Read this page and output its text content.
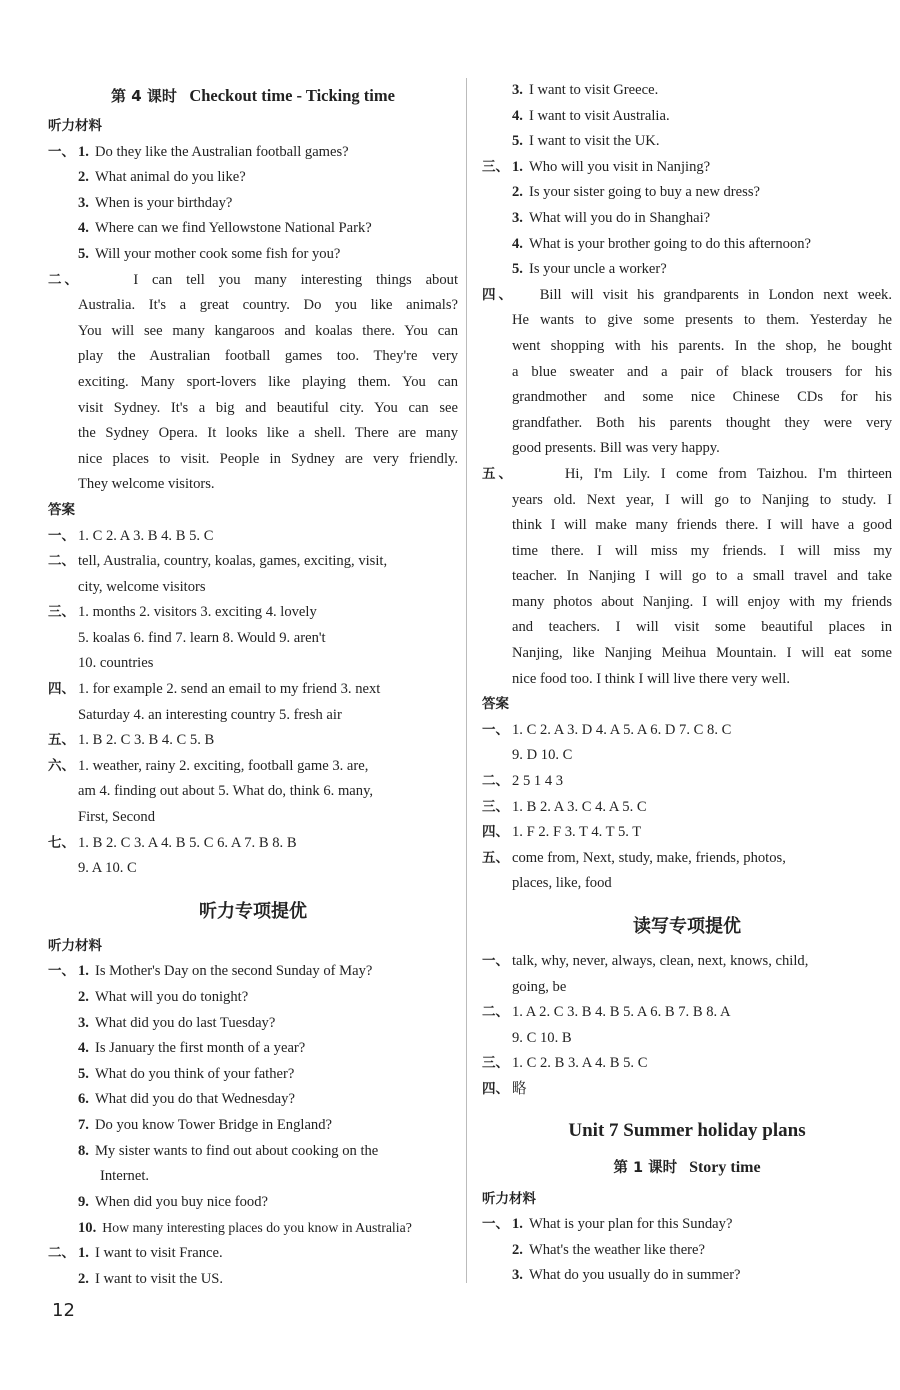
第 4 课时 Checkout time - Ticking time
听力材料
一、 1. Do they like the Australian football games?
2. What animal do you like?
3. When is your birthday?
4. Where can we find Yellowstone National Park?
5. Will your mother cook some fish for you?
二、	I can tell you many interesting things about
Australia. It's a great country. Do you like animals?
You will see many kangaroos and koalas there. You can
play the Australian football games too. They're very
exciting. Many sport-lovers like playing them. You can
visit Sydney. It's a big and beautiful city. You can see
the Sydney Opera. It looks like a shell. There are many
nice places to visit. People in Sydney are very friendly.
They welcome visitors.
答案
一、 1. C 2. A 3. B 4. B 5. C
二、 tell, Australia, country, koalas, games, exciting, visit,
city, welcome visitors
三、 1. months 2. visitors 3. exciting 4. lovely
5. koalas 6. find 7. learn 8. Would 9. aren't
10. countries
四、 1. for example 2. send an email to my friend 3. next
Saturday 4. an interesting country 5. fresh air
五、 1. B 2. C 3. B 4. C 5. B
六、 1. weather, rainy 2. exciting, football game 3. are,
am 4. finding out about 5. What do, think 6. many,
First, Second
七、 1. B 2. C 3. A 4. B 5. C 6. A 7. B 8. B
9. A 10. C
听力专项提优
听力材料
一、 1. Is Mother's Day on the second Sunday of May?
2. What will you do tonight?
3. What did you do last Tuesday?
4. Is January the first month of a year?
5. What do you think of your father?
6. What did you do that Wednesday?
7. Do you know Tower Bridge in England?
8. My sister wants to find out about cooking on the
Internet.
9. When did you buy nice food?
10. How many interesting places do you know in Australia?
二、 1. I want to visit France.
2. I want to visit the US.
3. I want to visit Greece.
4. I want to visit Australia.
5. I want to visit the UK.
三、 1. Who will you visit in Nanjing?
2. Is your sister going to buy a new dress?
3. What will you do in Shanghai?
4. What is your brother going to do this afternoon?
5. Is your uncle a worker?
四、 Bill will visit his grandparents in London next week.
He wants to give some presents to them. Yesterday he
went shopping with his parents. In the shop, he bought
a blue sweater and a pair of black trousers for his
grandmother and some nice Chinese CDs for his
grandfather. Both his parents thought they were very
good presents. Bill was very happy.
五、	Hi, I'm Lily. I come from Taizhou. I'm thirteen
years old. Next year, I will go to Nanjing to study. I
think I will make many friends there. I will have a good
time there. I will miss my friends. I will miss my
teacher. In Nanjing I will go to a small travel and take
many photos about Nanjing. I will enjoy with my friends
and teachers. I will visit some beautiful places in
Nanjing, like Nanjing Meihua Mountain. I will eat some
nice food too. I think I will live there very well.
答案
一、 1. C 2. A 3. D 4. A 5. A 6. D 7. C 8. C
9. D 10. C
二、 2 5 1 4 3
三、 1. B 2. A 3. C 4. A 5. C
四、 1. F 2. F 3. T 4. T 5. T
五、 come from, Next, study, make, friends, photos,
places, like, food
读写专项提优
一、 talk, why, never, always, clean, next, knows, child,
going, be
二、 1. A 2. C 3. B 4. B 5. A 6. B 7. B 8. A
9. C 10. B
三、 1. C 2. B 3. A 4. B 5. C
四、 略
Unit 7 Summer holiday plans
第 1 课时 Story time
听力材料
一、 1. What is your plan for this Sunday?
2. What's the weather like there?
3. What do you usually do in summer?
12
